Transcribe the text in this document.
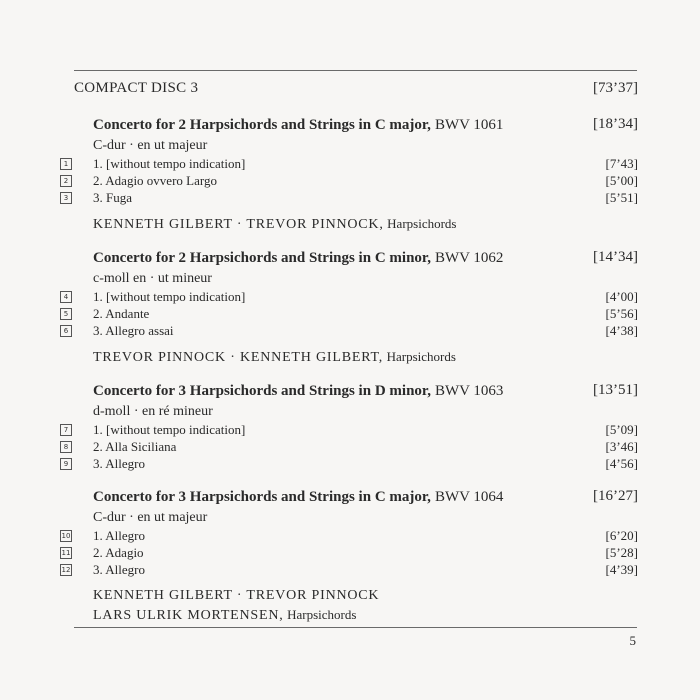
COMPACT DISC 3	[73’37]
Concerto for 2 Harpsichords and Strings in C major, BWV 1061	[18’34]
C-dur · en ut majeur
1 1. [without tempo indication]	[7’43]
2 2. Adagio ovvero Largo	[5’00]
3 3. Fuga	[5’51]
KENNETH GILBERT · TREVOR PINNOCK, Harpsichords
Concerto for 2 Harpsichords and Strings in C minor, BWV 1062	[14’34]
c-moll en · ut mineur
4 1. [without tempo indication]	[4’00]
5 2. Andante	[5’56]
6 3. Allegro assai	[4’38]
TREVOR PINNOCK · KENNETH GILBERT, Harpsichords
Concerto for 3 Harpsichords and Strings in D minor, BWV 1063	[13’51]
d-moll · en ré mineur
7 1. [without tempo indication]	[5’09]
8 2. Alla Siciliana	[3’46]
9 3. Allegro	[4’56]
Concerto for 3 Harpsichords and Strings in C major, BWV 1064	[16’27]
C-dur · en ut majeur
10 1. Allegro	[6’20]
11 2. Adagio	[5’28]
12 3. Allegro	[4’39]
KENNETH GILBERT · TREVOR PINNOCK
LARS ULRIK MORTENSEN, Harpsichords
5
